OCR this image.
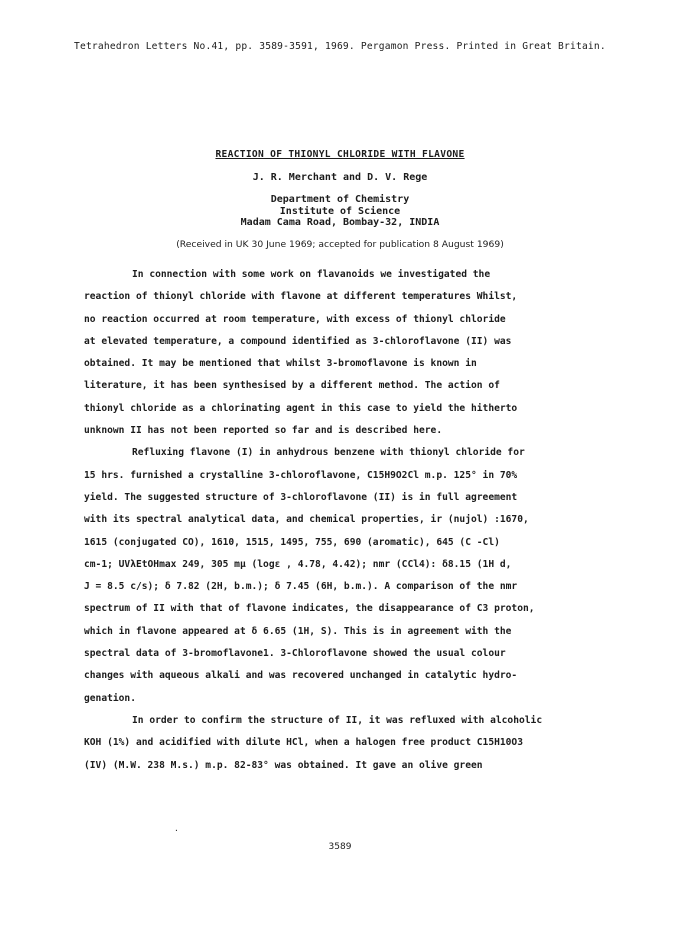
Tetrahedron Letters No.41, pp. 3589-3591, 1969. Pergamon Press. Printed in Great Britain.
REACTION OF THIONYL CHLORIDE WITH FLAVONE
J. R. Merchant and D. V. Rege
Department of Chemistry
Institute of Science
Madam Cama Road, Bombay-32, INDIA
(Received in UK 30 June 1969; accepted for publication 8 August 1969)
In connection with some work on flavanoids we investigated the
reaction of thionyl chloride with flavone at different temperatures Whilst,
no reaction occurred at room temperature, with excess of thionyl chloride
at elevated temperature, a compound identified as 3-chloroflavone (II) was
obtained. It may be mentioned that whilst 3-bromoflavone is known in
literature, it has been synthesised by a different method. The action of
thionyl chloride as a chlorinating agent in this case to yield the hitherto
unknown II has not been reported so far and is described here.
Refluxing flavone (I) in anhydrous benzene with thionyl chloride for
15 hrs. furnished a crystalline 3-chloroflavone, C15H9O2Cl m.p. 125° in 70%
yield. The suggested structure of 3-chloroflavone (II) is in full agreement
with its spectral analytical data, and chemical properties, ir (nujol) :1670,
1615 (conjugated CO), 1610, 1515, 1495, 755, 690 (aromatic), 645 (C -Cl)
cm-1; UVλEtOHmax 249, 305 mμ (logε , 4.78, 4.42); nmr (CCl4): δ8.15 (1H d,
J = 8.5 c/s); δ 7.82 (2H, b.m.); δ 7.45 (6H, b.m.). A comparison of the nmr
spectrum of II with that of flavone indicates, the disappearance of C3 proton,
which in flavone appeared at δ 6.65 (1H, S). This is in agreement with the
spectral data of 3-bromoflavone1. 3-Chloroflavone showed the usual colour
changes with aqueous alkali and was recovered unchanged in catalytic hydro-
genation.
In order to confirm the structure of II, it was refluxed with alcoholic
KOH (1%) and acidified with dilute HCl, when a halogen free product C15H10O3
(IV) (M.W. 238 M.s.) m.p. 82-83° was obtained. It gave an olive green
·
3589
